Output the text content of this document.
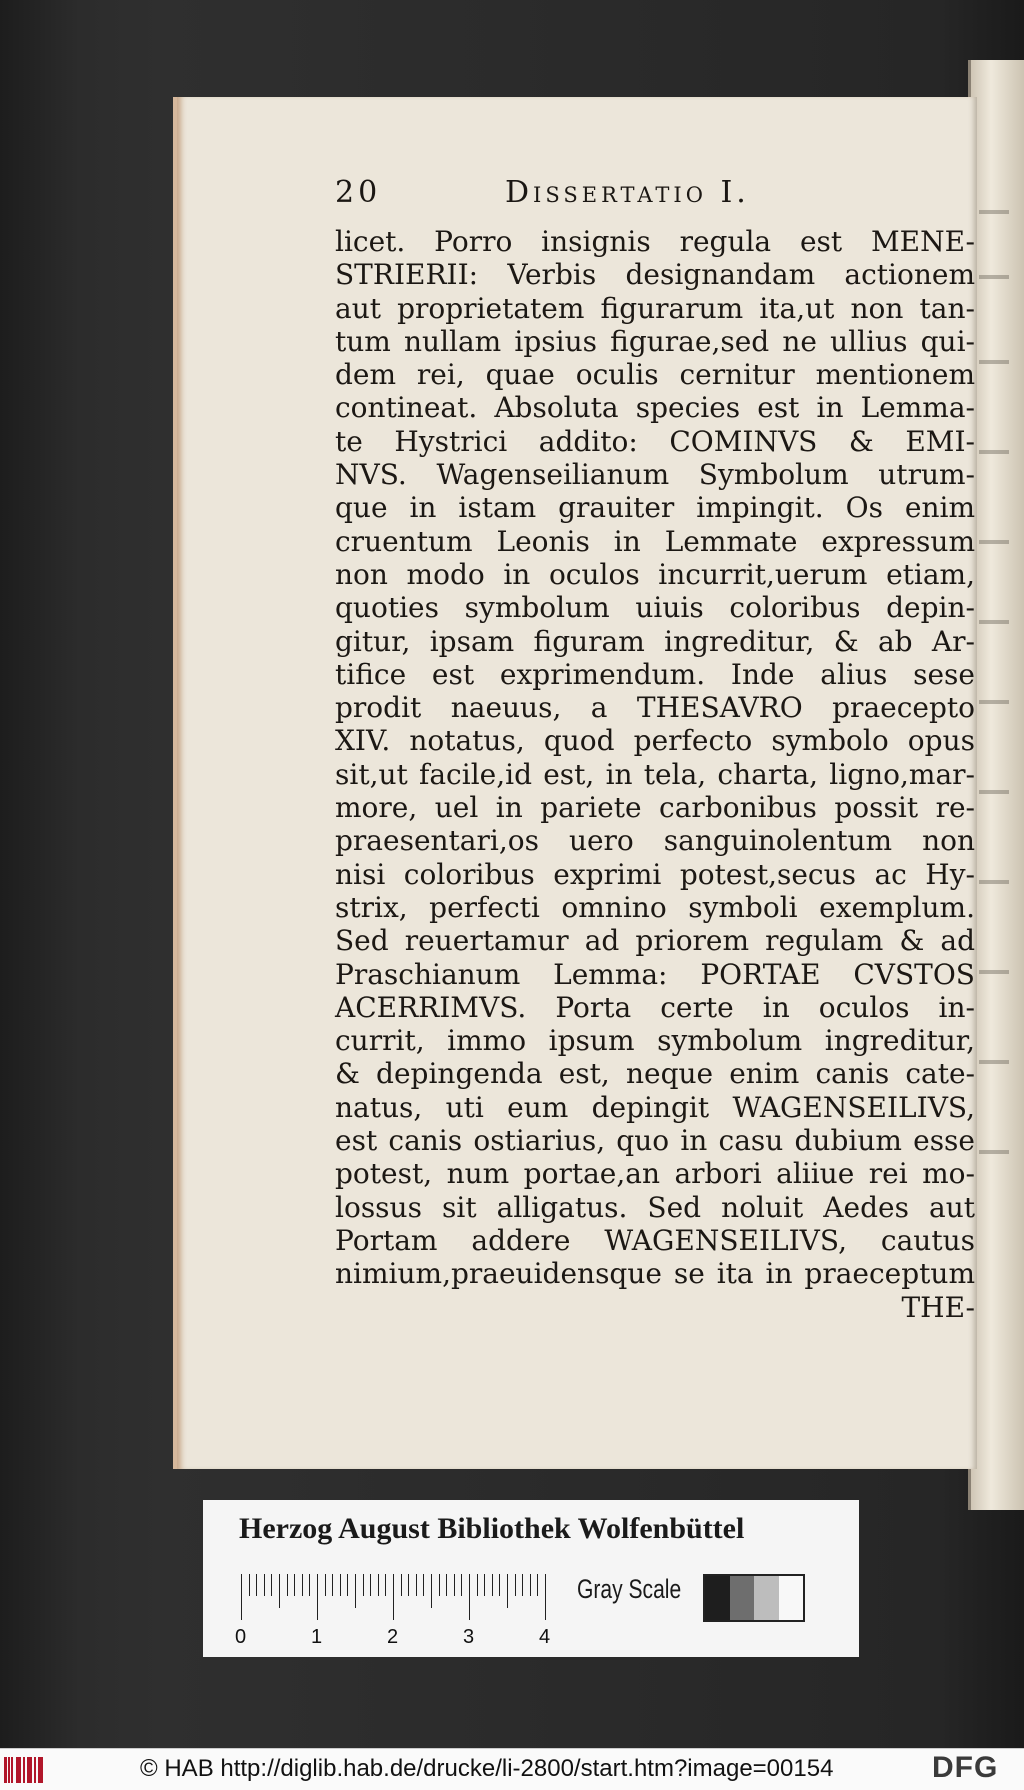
20	Dissertatio I.
licet. Porro insignis regula est MENE-
STRIERII: Verbis designandam actionem
aut proprietatem figurarum ita,ut non tan-
tum nullam ipsius figurae,sed ne ullius qui-
dem rei, quae oculis cernitur mentionem
contineat. Absoluta species est in Lemma-
te Hystrici addito: COMINVS & EMI-
NVS. Wagenseilianum Symbolum utrum-
que in istam grauiter impingit. Os enim
cruentum Leonis in Lemmate expressum
non modo in oculos incurrit,uerum etiam,
quoties symbolum uiuis coloribus depin-
gitur, ipsam figuram ingreditur, & ab Ar-
tifice est exprimendum. Inde alius sese
prodit naeuus, a THESAVRO praecepto
XIV. notatus, quod perfecto symbolo opus
sit,ut facile,id est, in tela, charta, ligno,mar-
more, uel in pariete carbonibus possit re-
praesentari,os uero sanguinolentum non
nisi coloribus exprimi potest,secus ac Hy-
strix, perfecti omnino symboli exemplum.
Sed reuertamur ad priorem regulam & ad
Praschianum Lemma: PORTAE CVSTOS
ACERRIMVS. Porta certe in oculos in-
currit, immo ipsum symbolum ingreditur,
& depingenda est, neque enim canis cate-
natus, uti eum depingit WAGENSEILIVS,
est canis ostiarius, quo in casu dubium esse
potest, num portae,an arbori aliiue rei mo-
lossus sit alligatus. Sed noluit Aedes aut
Portam addere WAGENSEILIVS, cautus
nimium,praeuidensque se ita in praeceptum
THE-
Herzog August Bibliothek Wolfenbüttel
0	1	2	3	4
Gray Scale
© HAB http://diglib.hab.de/drucke/li-2800/start.htm?image=00154	DFG
